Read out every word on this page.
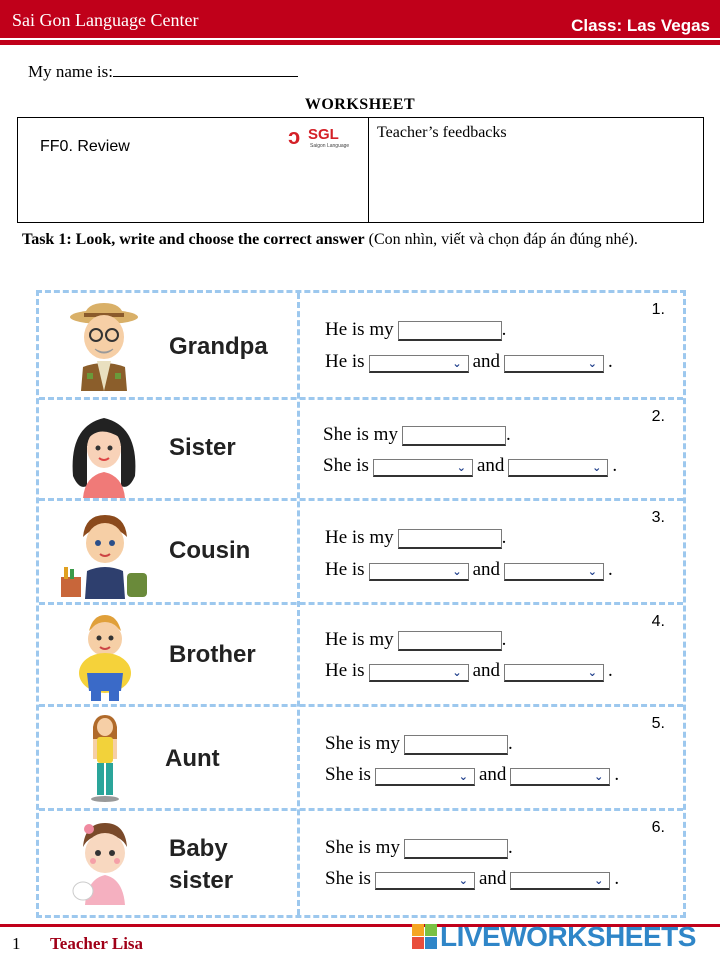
Sai Gon Language Center	Class: Las Vegas
My name is:
WORKSHEET
FF0. Review	ↄ SGL
Saigon Language
Teacher’s feedbacks
Task 1: Look, write and choose the correct answer (Con nhìn, viết và chọn đáp án đúng nhé).
Grandpa
1.
He is my	.
He is	⌄ and	⌄ .
Sister
2.
She is my	.
She is	⌄ and	⌄ .
Cousin
3.
He is my	.
He is	⌄ and	⌄ .
Brother
4.
He is my	.
He is	⌄ and	⌄ .
Aunt
5.
She is my	.
She is	⌄ and	⌄ .
Baby
sister
6.
She is my	.
She is	⌄ and	⌄ .
1 Teacher Lisa	LIVEWORKSHEETS
